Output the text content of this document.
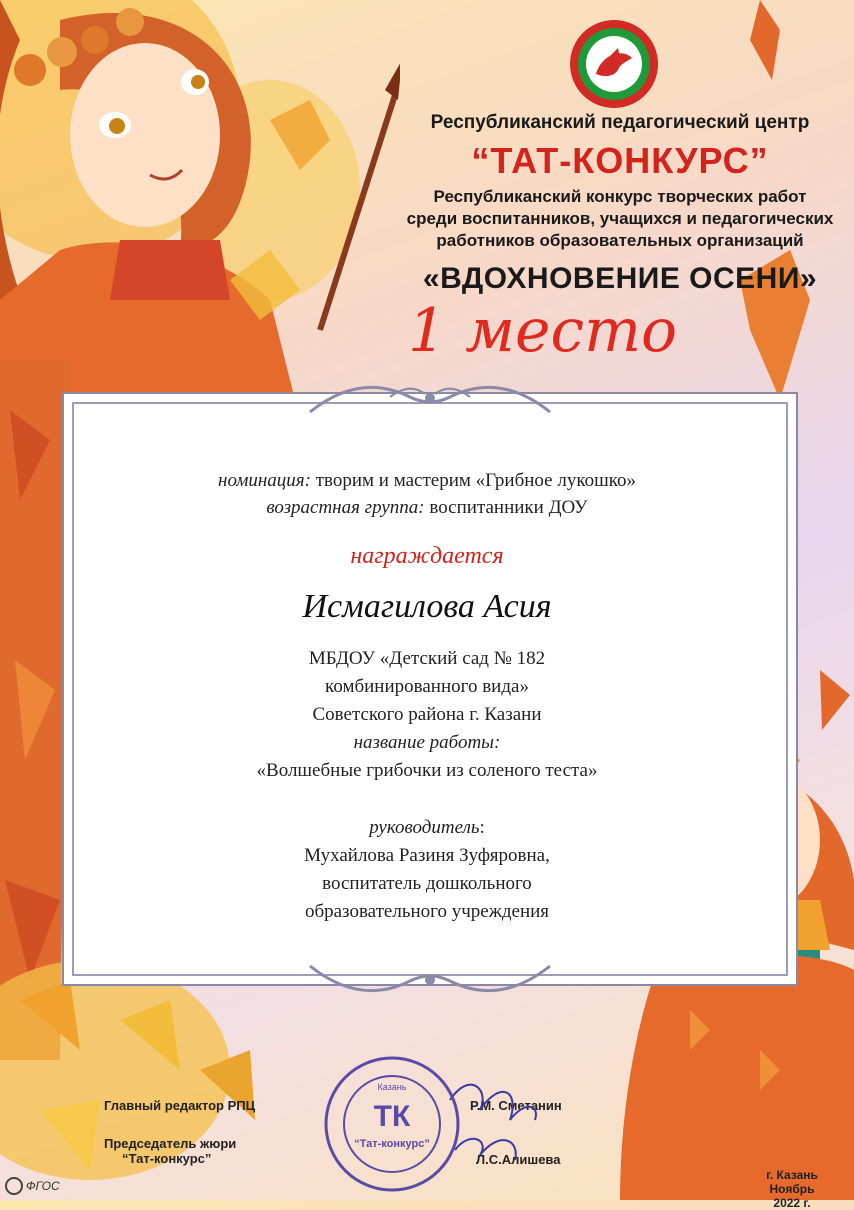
Республиканский педагогический центр
“ТАТ-КОНКУРС”
Республиканский конкурс творческих работ
среди воспитанников, учащихся и педагогических
работников образовательных организаций
«ВДОХНОВЕНИЕ ОСЕНИ»
1 место
номинация: творим и мастерим «Грибное лукошко»
возрастная группа: воспитанники ДОУ
награждается
Исмагилова Асия
МБДОУ «Детский сад № 182
комбинированного вида»
Советского района г. Казани
название работы:
«Волшебные грибочки из соленого теста»
руководитель:
Мухайлова Разиня Зуфяровна,
воспитатель дошкольного
образовательного учреждения
Главный редактор РПЦ	Р.М. Сметанин
Председатель жюри
“Тат-конкурс”	Л.С.Алишева
Казань
ТК
“Тат-конкурс”
г. Казань
Ноябрь 2022 г.
ФГОС
